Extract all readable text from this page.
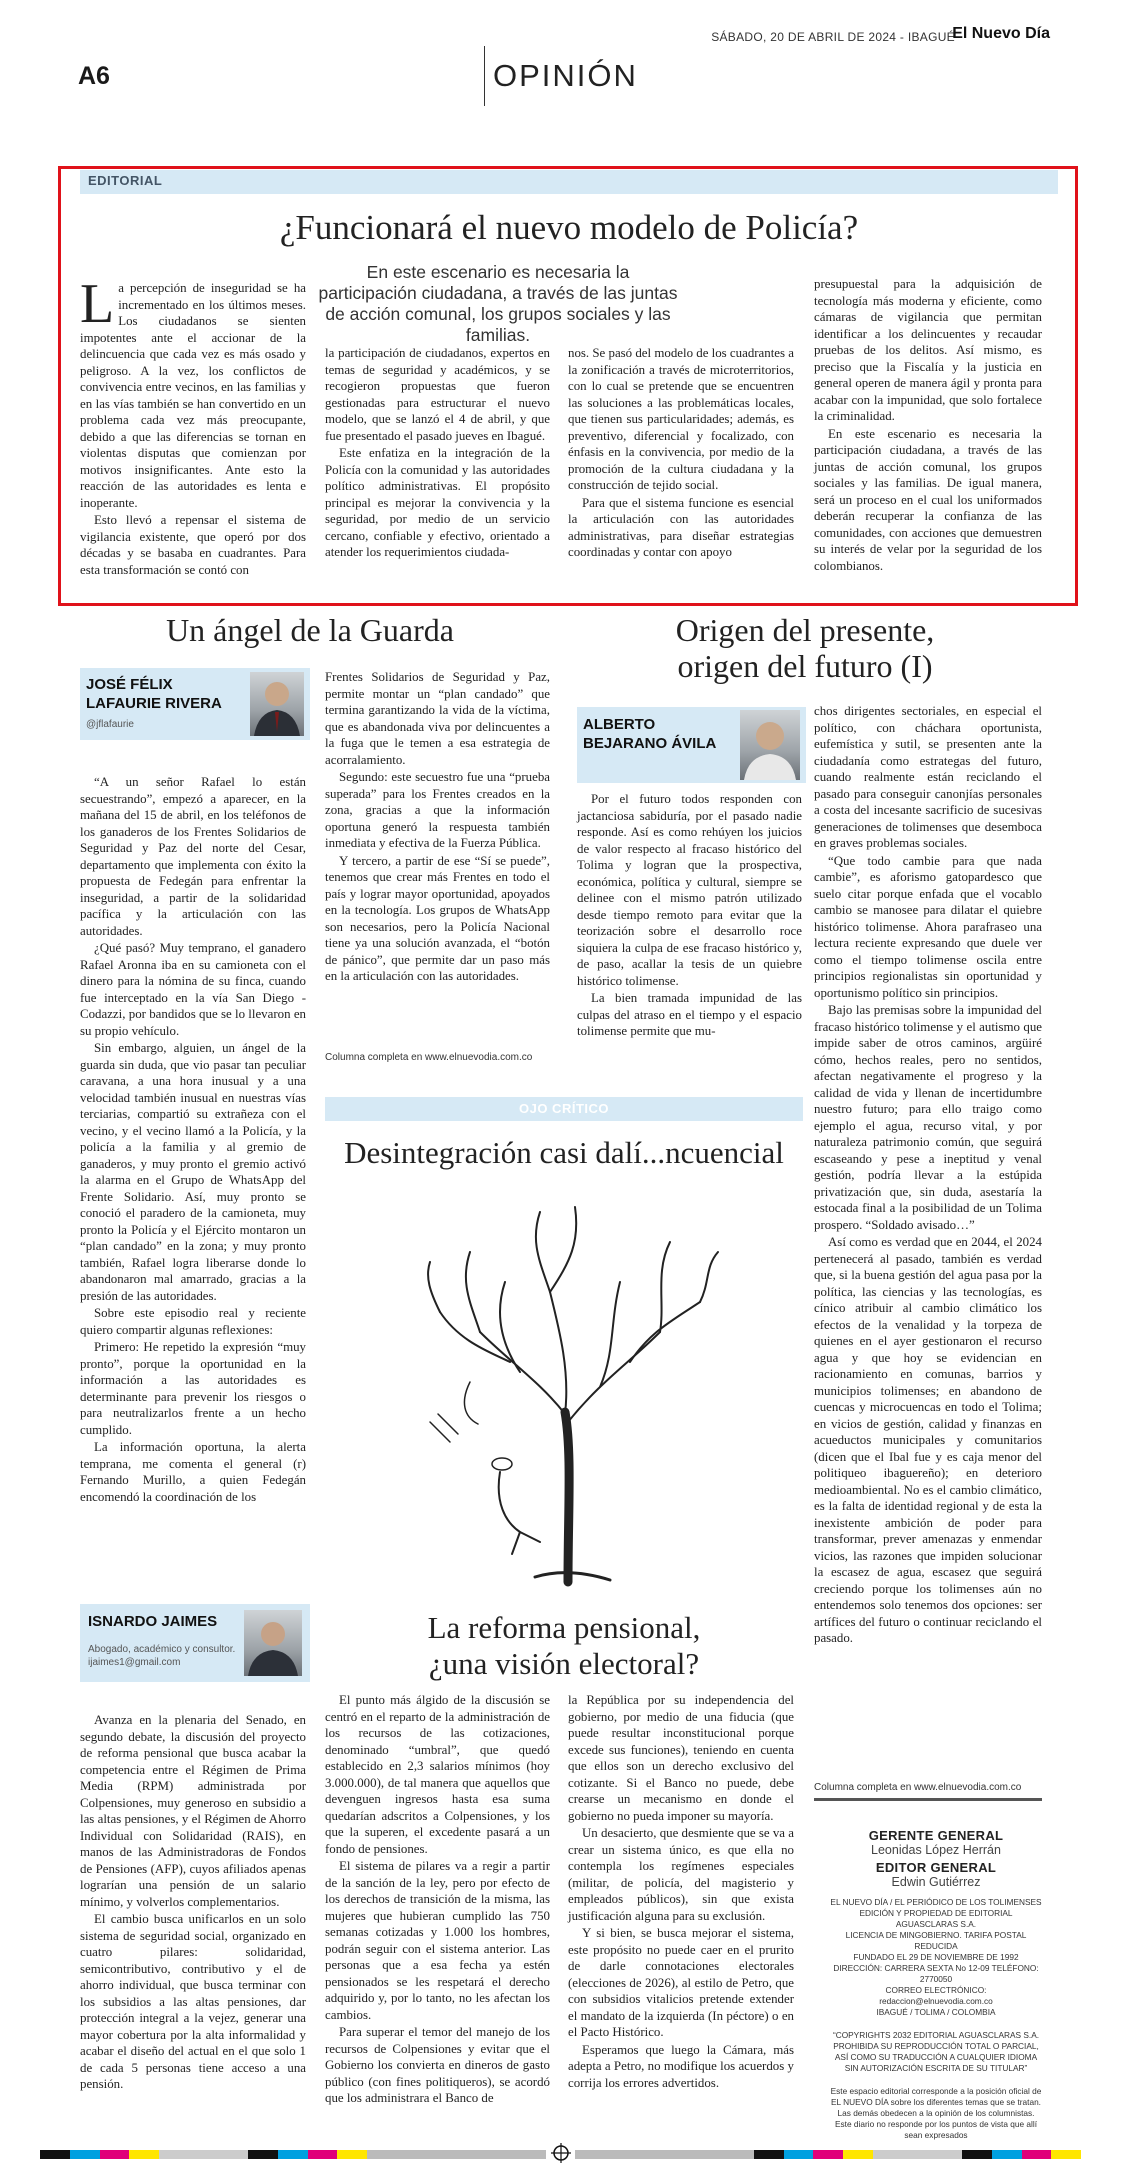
SÁBADO, 20 DE ABRIL DE 2024 - IBAGUÉ
El Nuevo Día
A6	OPINIÓN
EDITORIAL
¿Funcionará el nuevo modelo de Policía?
En este escenario es necesaria la participación ciudadana, a través de las juntas de acción comunal, los grupos sociales y las familias.

La percepción de inseguridad se ha incrementado en los últimos meses. Los ciudadanos se sienten impotentes ante el accionar de la delincuencia que cada vez es más osado y peligroso. A la vez, los conflictos de convivencia entre vecinos, en las familias y en las vías también se han convertido en un problema cada vez más preocupante, debido a que las diferencias se tornan en violentas disputas que comienzan por motivos insignificantes. Ante esto la reacción de las autoridades es lenta e inoperante.

Esto llevó a repensar el sistema de vigilancia existente, que operó por dos décadas y se basaba en cuadrantes. Para esta transformación se contó con

la participación de ciudadanos, expertos en temas de seguridad y académicos, y se recogieron propuestas que fueron gestionadas para estructurar el nuevo modelo, que se lanzó el 4 de abril, y que fue presentado el pasado jueves en Ibagué.

Este enfatiza en la integración de la Policía con la comunidad y las autoridades político administrativas. El propósito principal es mejorar la convivencia y la seguridad, por medio de un servicio cercano, confiable y efectivo, orientado a atender los requerimientos ciudada-

nos. Se pasó del modelo de los cuadrantes a la zonificación a través de microterritorios, con lo cual se pretende que se encuentren las soluciones a las problemáticas locales, que tienen sus particularidades; además, es preventivo, diferencial y focalizado, con énfasis en la convivencia, por medio de la promoción de la cultura ciudadana y la construcción de tejido social.

Para que el sistema funcione es esencial la articulación con las autoridades administrativas, para diseñar estrategias coordinadas y contar con apoyo

presupuestal para la adquisición de tecnología más moderna y eficiente, como cámaras de vigilancia que permitan identificar a los delincuentes y recaudar pruebas de los delitos. Así mismo, es preciso que la Fiscalía y la justicia en general operen de manera ágil y pronta para acabar con la impunidad, que solo fortalece la criminalidad.

En este escenario es necesaria la participación ciudadana, a través de las juntas de acción comunal, los grupos sociales y las familias. De igual manera, será un proceso en el cual los uniformados deberán recuperar la confianza de las comunidades, con acciones que demuestren su interés de velar por la seguridad de los colombianos.

Un ángel de la Guarda
JOSÉ FÉLIX LAFAURIE RIVERA
@jflafaurie

“A un señor Rafael lo están secuestrando”, empezó a aparecer, en la mañana del 15 de abril, en los teléfonos de los ganaderos de los Frentes Solidarios de Seguridad y Paz del norte del Cesar, departamento que implementa con éxito la propuesta de Fedegán para enfrentar la inseguridad, a partir de la solidaridad pacífica y la articulación con las autoridades.

¿Qué pasó? Muy temprano, el ganadero Rafael Aronna iba en su camioneta con el dinero para la nómina de su finca, cuando fue interceptado en la vía San Diego - Codazzi, por bandidos que se lo llevaron en su propio vehículo.

Sin embargo, alguien, un ángel de la guarda sin duda, que vio pasar tan peculiar caravana, a una hora inusual y a una velocidad también inusual en nuestras vías terciarias, compartió su extrañeza con el vecino, y el vecino llamó a la Policía, y la policía a la familia y al gremio de ganaderos, y muy pronto el gremio activó la alarma en el Grupo de WhatsApp del Frente Solidario. Así, muy pronto se conoció el paradero de la camioneta, muy pronto la Policía y el Ejército montaron un “plan candado” en la zona; y muy pronto también, Rafael logra liberarse donde lo abandonaron mal amarrado, gracias a la presión de las autoridades.

Sobre este episodio real y reciente quiero compartir algunas reflexiones:

Primero: He repetido la expresión “muy pronto”, porque la oportunidad en la información a las autoridades es determinante para prevenir los riesgos o para neutralizarlos frente a un hecho cumplido.

La información oportuna, la alerta temprana, me comenta el general (r) Fernando Murillo, a quien Fedegán encomendó la coordinación de los

Frentes Solidarios de Seguridad y Paz, permite montar un “plan candado” que termina garantizando la vida de la víctima, que es abandonada viva por delincuentes a la fuga que le temen a esa estrategia de acorralamiento.

Segundo: este secuestro fue una “prueba superada” para los Frentes creados en la zona, gracias a que la información oportuna generó la respuesta también inmediata y efectiva de la Fuerza Pública.

Y tercero, a partir de ese “Sí se puede”, tenemos que crear más Frentes en todo el país y lograr mayor oportunidad, apoyados en la tecnología. Los grupos de WhatsApp son necesarios, pero la Policía Nacional tiene ya una solución avanzada, el “botón de pánico”, que permite dar un paso más en la articulación con las autoridades.

Columna completa en www.elnuevodia.com.co
Origen del presente,
origen del futuro (I)
ALBERTO BEJARANO ÁVILA

Por el futuro todos responden con jactanciosa sabiduría, por el pasado nadie responde. Así es como rehúyen los juicios de valor respecto al fracaso histórico del Tolima y logran que la prospectiva, económica, política y cultural, siempre se delinee con el mismo patrón utilizado desde tiempo remoto para evitar que la teorización sobre el desarrollo roce siquiera la culpa de ese fracaso histórico y, de paso, acallar la tesis de un quiebre histórico tolimense.

La bien tramada impunidad de las culpas del atraso en el tiempo y el espacio tolimense permite que mu-

chos dirigentes sectoriales, en especial el político, con cháchara oportunista, eufemística y sutil, se presenten ante la ciudadanía como estrategas del futuro, cuando realmente están reciclando el pasado para conseguir canonjías personales a costa del incesante sacrificio de sucesivas generaciones de tolimenses que desemboca en graves problemas sociales.

“Que todo cambie para que nada cambie”, es aforismo gatopardesco que suelo citar porque enfada que el vocablo cambio se manosee para dilatar el quiebre histórico tolimense. Ahora parafraseo una lectura reciente expresando que duele ver como el tiempo tolimense oscila entre principios regionalistas sin oportunidad y oportunismo político sin principios.

Bajo las premisas sobre la impunidad del fracaso histórico tolimense y el autismo que impide saber de otros caminos, argüiré cómo, hechos reales, pero no sentidos, afectan negativamente el progreso y la calidad de vida y llenan de incertidumbre nuestro futuro; para ello traigo como ejemplo el agua, recurso vital, y por naturaleza patrimonio común, que seguirá escaseando y pese a ineptitud y venal gestión, podría llevar a la estúpida privatización que, sin duda, asestaría la estocada final a la posibilidad de un Tolima prospero. “Soldado avisado…”

Así como es verdad que en 2044, el 2024 pertenecerá al pasado, también es verdad que, si la buena gestión del agua pasa por la política, las ciencias y las tecnologías, es cínico atribuir al cambio climático los efectos de la venalidad y la torpeza de quienes en el ayer gestionaron el recurso agua y que hoy se evidencian en racionamiento en comunas, barrios y municipios tolimenses; en abandono de cuencas y microcuencas en todo el Tolima; en vicios de gestión, calidad y finanzas en acueductos municipales y comunitarios (dicen que el Ibal fue y es caja menor del politiqueo ibaguereño); en deterioro medioambiental. No es el cambio climático, es la falta de identidad regional y de esta la inexistente ambición de poder para transformar, prever amenazas y enmendar vicios, las razones que impiden solucionar la escasez de agua, escasez que seguirá creciendo porque los tolimenses aún no entendemos solo tenemos dos opciones: ser artífices del futuro o continuar reciclando el pasado.

Columna completa en www.elnuevodia.com.co
OJO CRÍTICO
Desintegración casi dalí...ncuencial
ISNARDO JAIMES
Abogado, académico y consultor.
ijaimes1@gmail.com
La reforma pensional,
¿una visión electoral?

Avanza en la plenaria del Senado, en segundo debate, la discusión del proyecto de reforma pensional que busca acabar la competencia entre el Régimen de Prima Media (RPM) administrada por Colpensiones, muy generoso en subsidio a las altas pensiones, y el Régimen de Ahorro Individual con Solidaridad (RAIS), en manos de las Administradoras de Fondos de Pensiones (AFP), cuyos afiliados apenas lograrían una pensión de un salario mínimo, y volverlos complementarios.

El cambio busca unificarlos en un solo sistema de seguridad social, organizado en cuatro pilares: solidaridad, semicontributivo, contributivo y el de ahorro individual, que busca terminar con los subsidios a las altas pensiones, dar protección integral a la vejez, generar una mayor cobertura por la alta informalidad y acabar el diseño del actual en el que solo 1 de cada 5 personas tiene acceso a una pensión.

El punto más álgido de la discusión se centró en el reparto de la administración de los recursos de las cotizaciones, denominado “umbral”, que quedó establecido en 2,3 salarios mínimos (hoy 3.000.000), de tal manera que aquellos que devenguen ingresos hasta esa suma quedarían adscritos a Colpensiones, y los que la superen, el excedente pasará a un fondo de pensiones.

El sistema de pilares va a regir a partir de la sanción de la ley, pero por efecto de los derechos de transición de la misma, las mujeres que hubieran cumplido las 750 semanas cotizadas y 1.000 los hombres, podrán seguir con el sistema anterior. Las personas que a esa fecha ya estén pensionados se les respetará el derecho adquirido y, por lo tanto, no les afectan los cambios.

Para superar el temor del manejo de los recursos de Colpensiones y evitar que el Gobierno los convierta en dineros de gasto público (con fines politiqueros), se acordó que los administrara el Banco de

la República por su independencia del gobierno, por medio de una fiducia (que puede resultar inconstitucional porque excede sus funciones), teniendo en cuenta que ellos son un derecho exclusivo del cotizante. Si el Banco no puede, debe crearse un mecanismo en donde el gobierno no pueda imponer su mayoría.

Un desacierto, que desmiente que se va a crear un sistema único, es que ella no contempla los regímenes especiales (militar, de policía, del magisterio y empleados públicos), sin que exista justificación alguna para su exclusión.

Y si bien, se busca mejorar el sistema, este propósito no puede caer en el prurito de darle connotaciones electorales (elecciones de 2026), al estilo de Petro, que con subsidios vitalicios pretende extender el mandato de la izquierda (In péctore) o en el Pacto Histórico.

Esperamos que luego la Cámara, más adepta a Petro, no modifique los acuerdos y corrija los errores advertidos.

GERENTE GENERAL
Leonidas López Herrán
EDITOR GENERAL
Edwin Gutiérrez
EL NUEVO DÍA / EL PERIÓDICO DE LOS TOLIMENSES
EDICIÓN Y PROPIEDAD DE EDITORIAL AGUASCLARAS S.A.
LICENCIA DE MINGOBIERNO. TARIFA POSTAL REDUCIDA
FUNDADO EL 29 DE NOVIEMBRE DE 1992
DIRECCIÓN: CARRERA SEXTA No 12-09 TELÉFONO: 2770050
CORREO ELECTRÓNICO: redaccion@elnuevodia.com.co
IBAGUÉ / TOLIMA / COLOMBIA
“COPYRIGHTS 2032 EDITORIAL AGUASCLARAS S.A. PROHIBIDA SU REPRODUCCIÓN TOTAL O PARCIAL, ASÍ COMO SU TRADUCCIÓN A CUALQUIER IDIOMA SIN AUTORIZACIÓN ESCRITA DE SU TITULAR”
Este espacio editorial corresponde a la posición oficial de EL NUEVO DÍA sobre los diferentes temas que se tratan. Las demás obedecen a la opinión de los columnistas. Este diario no responde por los puntos de vista que allí sean expresados
